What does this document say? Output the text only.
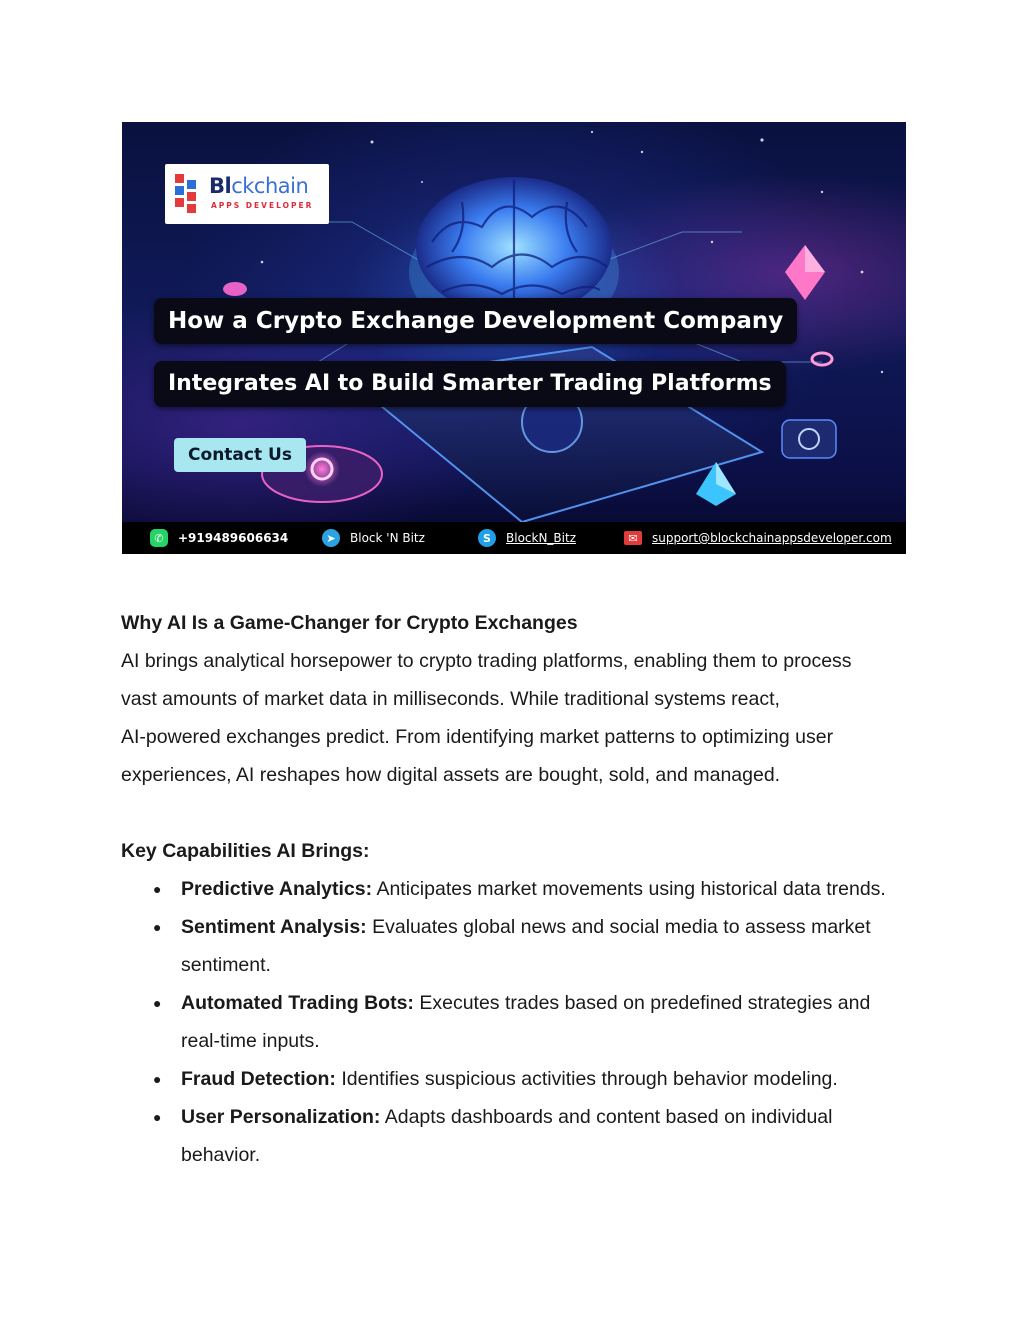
Blckchain
APPS DEVELOPER
How a Crypto Exchange Development Company
Integrates AI to Build Smarter Trading Platforms
Contact Us
✆	+919489606634	➤	Block 'N Bitz	S	BlockN_Bitz	✉	support@blockchainappsdeveloper.com
Why AI Is a Game-Changer for Crypto Exchanges

AI brings analytical horsepower to crypto trading platforms, enabling them to process

vast amounts of market data in milliseconds. While traditional systems react,

AI-powered exchanges predict. From identifying market patterns to optimizing user

experiences, AI reshapes how digital assets are bought, sold, and managed.

Key Capabilities AI Brings:
● Predictive Analytics: Anticipates market movements using historical data trends.
● Sentiment Analysis: Evaluates global news and social media to assess market
sentiment.
● Automated Trading Bots: Executes trades based on predefined strategies and
real-time inputs.
● Fraud Detection: Identifies suspicious activities through behavior modeling.
● User Personalization: Adapts dashboards and content based on individual
behavior.
